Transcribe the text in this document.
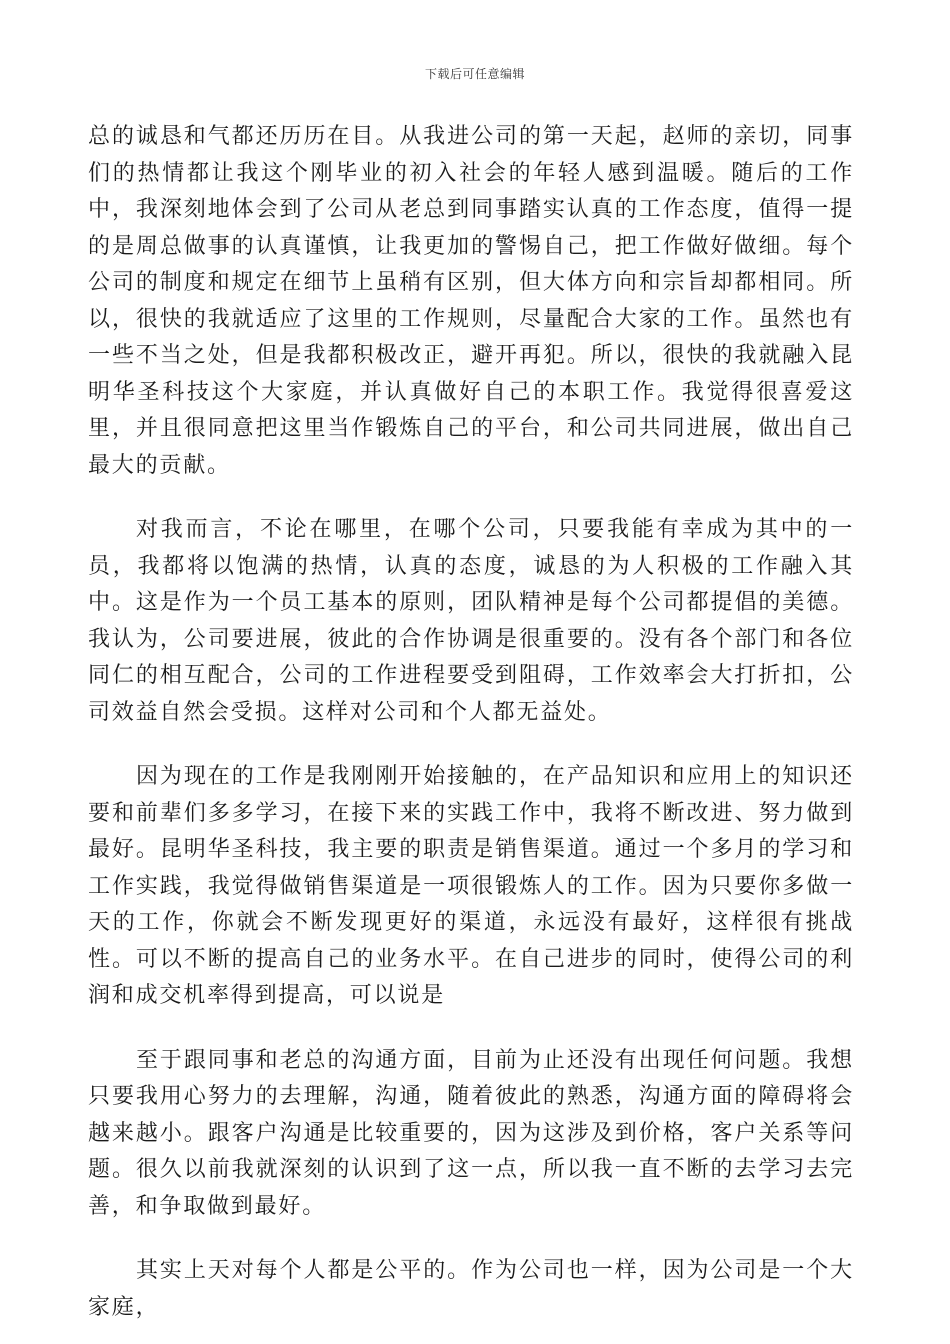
下载后可任意编辑

总的诚恳和气都还历历在目。从我进公司的第一天起，赵师的亲切，同事们的热情都让我这个刚毕业的初入社会的年轻人感到温暖。随后的工作中，我深刻地体会到了公司从老总到同事踏实认真的工作态度，值得一提的是周总做事的认真谨慎，让我更加的警惕自己，把工作做好做细。每个公司的制度和规定在细节上虽稍有区别，但大体方向和宗旨却都相同。所以，很快的我就适应了这里的工作规则，尽量配合大家的工作。虽然也有一些不当之处，但是我都积极改正，避开再犯。所以，很快的我就融入昆明华圣科技这个大家庭，并认真做好自己的本职工作。我觉得很喜爱这里，并且很同意把这里当作锻炼自己的平台，和公司共同进展，做出自己最大的贡献。

对我而言，不论在哪里，在哪个公司，只要我能有幸成为其中的一员，我都将以饱满的热情，认真的态度，诚恳的为人积极的工作融入其中。这是作为一个员工基本的原则，团队精神是每个公司都提倡的美德。我认为，公司要进展，彼此的合作协调是很重要的。没有各个部门和各位同仁的相互配合，公司的工作进程要受到阻碍，工作效率会大打折扣，公司效益自然会受损。这样对公司和个人都无益处。

因为现在的工作是我刚刚开始接触的，在产品知识和应用上的知识还要和前辈们多多学习，在接下来的实践工作中，我将不断改进、努力做到最好。昆明华圣科技，我主要的职责是销售渠道。通过一个多月的学习和工作实践，我觉得做销售渠道是一项很锻炼人的工作。因为只要你多做一天的工作，你就会不断发现更好的渠道，永远没有最好，这样很有挑战性。可以不断的提高自己的业务水平。在自己进步的同时，使得公司的利润和成交机率得到提高，可以说是

至于跟同事和老总的沟通方面，目前为止还没有出现任何问题。我想只要我用心努力的去理解，沟通，随着彼此的熟悉，沟通方面的障碍将会越来越小。跟客户沟通是比较重要的，因为这涉及到价格，客户关系等问题。很久以前我就深刻的认识到了这一点，所以我一直不断的去学习去完善，和争取做到最好。

其实上天对每个人都是公平的。作为公司也一样，因为公司是一个大家庭，
